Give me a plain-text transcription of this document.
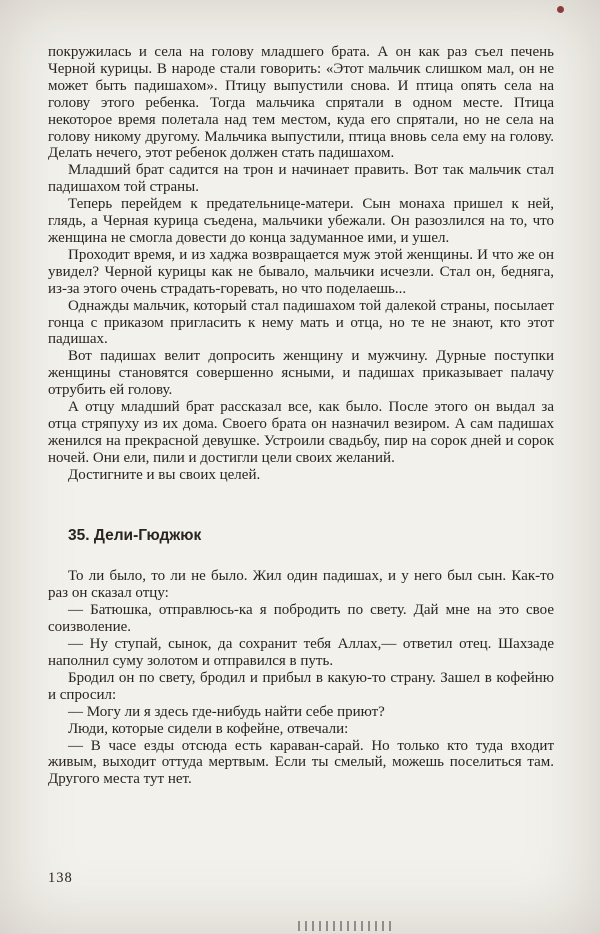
покружилась и села на голову младшего брата. А он как раз съел печень Черной курицы. В народе стали говорить: «Этот мальчик слишком мал, он не может быть падишахом». Птицу выпустили снова. И птица опять села на голову этого ребенка. Тогда мальчика спрятали в одном месте. Птица некоторое время полетала над тем местом, куда его спрятали, но не села на голову никому другому. Мальчика выпустили, птица вновь села ему на голову. Делать нечего, этот ребенок должен стать падишахом.

Младший брат садится на трон и начинает править. Вот так мальчик стал падишахом той страны.

Теперь перейдем к предательнице-матери. Сын монаха пришел к ней, глядь, а Черная курица съедена, мальчики убежали. Он разозлился на то, что женщина не смогла довести до конца задуманное ими, и ушел.

Проходит время, и из хаджа возвращается муж этой женщины. И что же он увидел? Черной курицы как не бывало, мальчики исчезли. Стал он, бедняга, из-за этого очень страдать-горевать, но что поделаешь...

Однажды мальчик, который стал падишахом той далекой страны, посылает гонца с приказом пригласить к нему мать и отца, но те не знают, кто этот падишах.

Вот падишах велит допросить женщину и мужчину. Дурные поступки женщины становятся совершенно ясными, и падишах приказывает палачу отрубить ей голову.

А отцу младший брат рассказал все, как было. После этого он выдал за отца стряпуху из их дома. Своего брата он назначил везиром. А сам падишах женился на прекрасной девушке. Устроили свадьбу, пир на сорок дней и сорок ночей. Они ели, пили и достигли цели своих желаний.

Достигните и вы своих целей.

35. Дели-Гюджюк

То ли было, то ли не было. Жил один падишах, и у него был сын. Как-то раз он сказал отцу:

— Батюшка, отправлюсь-ка я побродить по свету. Дай мне на это свое соизволение.

— Ну ступай, сынок, да сохранит тебя Аллах,— ответил отец. Шахзаде наполнил суму золотом и отправился в путь.

Бродил он по свету, бродил и прибыл в какую-то страну. Зашел в кофейню и спросил:

— Могу ли я здесь где-нибудь найти себе приют?

Люди, которые сидели в кофейне, отвечали:

— В часе езды отсюда есть караван-сарай. Но только кто туда входит живым, выходит оттуда мертвым. Если ты смелый, можешь поселиться там. Другого места тут нет.

138
